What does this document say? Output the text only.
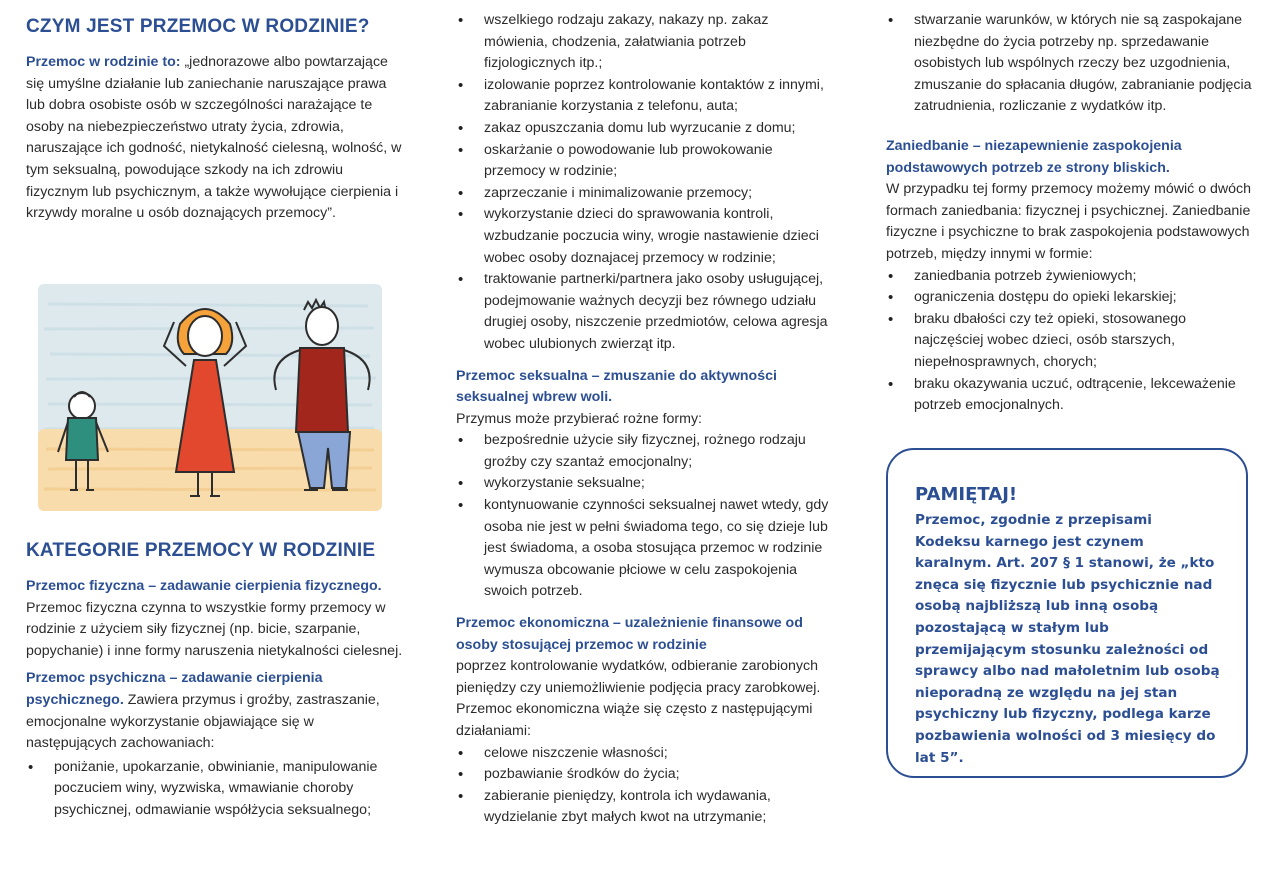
CZYM JEST PRZEMOC W RODZINIE?

Przemoc w rodzinie to: „jednorazowe albo powtarzające się umyślne działanie lub zaniechanie naruszające prawa lub dobra osobiste osób w szczególności narażające te osoby na niebezpieczeństwo utraty życia, zdrowia, naruszające ich godność, nietykalność cielesną, wolność, w tym seksualną, powodujące szkody na ich zdrowiu fizycznym lub psychicznym, a także wywołujące cierpienia i krzywdy moralne u osób doznających przemocy”.

KATEGORIE PRZEMOCY W RODZINIE
Przemoc fizyczna – zadawanie cierpienia fizycznego.

Przemoc fizyczna czynna to wszystkie formy przemocy w rodzinie z użyciem siły fizycznej (np. bicie, szarpanie, popychanie) i inne formy naruszenia nietykalności cielesnej.

Przemoc psychiczna – zadawanie cierpienia psychicznego. Zawiera przymus i groźby, zastraszanie, emocjonalne wykorzystanie objawiające się w następujących zachowaniach:

• poniżanie, upokarzanie, obwinianie, manipulowanie poczuciem winy, wyzwiska, wmawianie choroby psychicznej, odmawianie współżycia seksualnego;
• wszelkiego rodzaju zakazy, nakazy np. zakaz mówienia, chodzenia, załatwiania potrzeb fizjologicznych itp.;
• izolowanie poprzez kontrolowanie kontaktów z innymi, zabranianie korzystania z telefonu, auta;
• zakaz opuszczania domu lub wyrzucanie z domu;
• oskarżanie o powodowanie lub prowokowanie przemocy w rodzinie;
• zaprzeczanie i minimalizowanie przemocy;
• wykorzystanie dzieci do sprawowania kontroli, wzbudzanie poczucia winy, wrogie nastawienie dzieci wobec osoby doznajacej przemocy w rodzinie;
• traktowanie partnerki/partnera jako osoby usługującej, podejmowanie ważnych decyzji bez równego udziału drugiej osoby, niszczenie przedmiotów, celowa agresja wobec ulubionych zwierząt itp.
Przemoc seksualna – zmuszanie do aktywności seksualnej wbrew woli.

Przymus może przybierać rożne formy:

• bezpośrednie użycie siły fizycznej, rożnego rodzaju groźby czy szantaż emocjonalny;
• wykorzystanie seksualne;
• kontynuowanie czynności seksualnej nawet wtedy, gdy osoba nie jest w pełni świadoma tego, co się dzieje lub jest świadoma, a osoba stosująca przemoc w rodzinie wymusza obcowanie płciowe w celu zaspokojenia swoich potrzeb.
Przemoc ekonomiczna – uzależnienie finansowe od osoby stosującej przemoc w rodzinie

poprzez kontrolowanie wydatków, odbieranie zarobionych pieniędzy czy uniemożliwienie podjęcia pracy zarobkowej. Przemoc ekonomiczna wiąże się często z następującymi działaniami:

• celowe niszczenie własności;
• pozbawianie środków do życia;
• zabieranie pieniędzy, kontrola ich wydawania, wydzielanie zbyt małych kwot na utrzymanie;
• stwarzanie warunków, w których nie są zaspokajane niezbędne do życia potrzeby np. sprzedawanie osobistych lub wspólnych rzeczy bez uzgodnienia, zmuszanie do spłacania długów, zabranianie podjęcia zatrudnienia, rozliczanie z wydatków itp.
Zaniedbanie – niezapewnienie zaspokojenia podstawowych potrzeb ze strony bliskich.

W przypadku tej formy przemocy możemy mówić o dwóch formach zaniedbania: fizycznej i psychicznej. Zaniedbanie fizyczne i psychiczne to brak zaspokojenia podstawowych potrzeb, między innymi w formie:

• zaniedbania potrzeb żywieniowych;
• ograniczenia dostępu do opieki lekarskiej;
• braku dbałości czy też opieki, stosowanego najczęściej wobec dzieci, osób starszych, niepełnosprawnych, chorych;
• braku okazywania uczuć, odtrącenie, lekceważenie potrzeb emocjonalnych.
PAMIĘTAJ!

Przemoc, zgodnie z przepisami Kodeksu karnego jest czynem karalnym. Art. 207 § 1 stanowi, że „kto znęca się fizycznie lub psychicznie nad osobą najbliższą lub inną osobą pozostającą w stałym lub przemijającym stosunku zależności od sprawcy albo nad małoletnim lub osobą nieporadną ze względu na jej stan psychiczny lub fizyczny, podlega karze pozbawienia wolności od 3 miesięcy do lat 5”.
